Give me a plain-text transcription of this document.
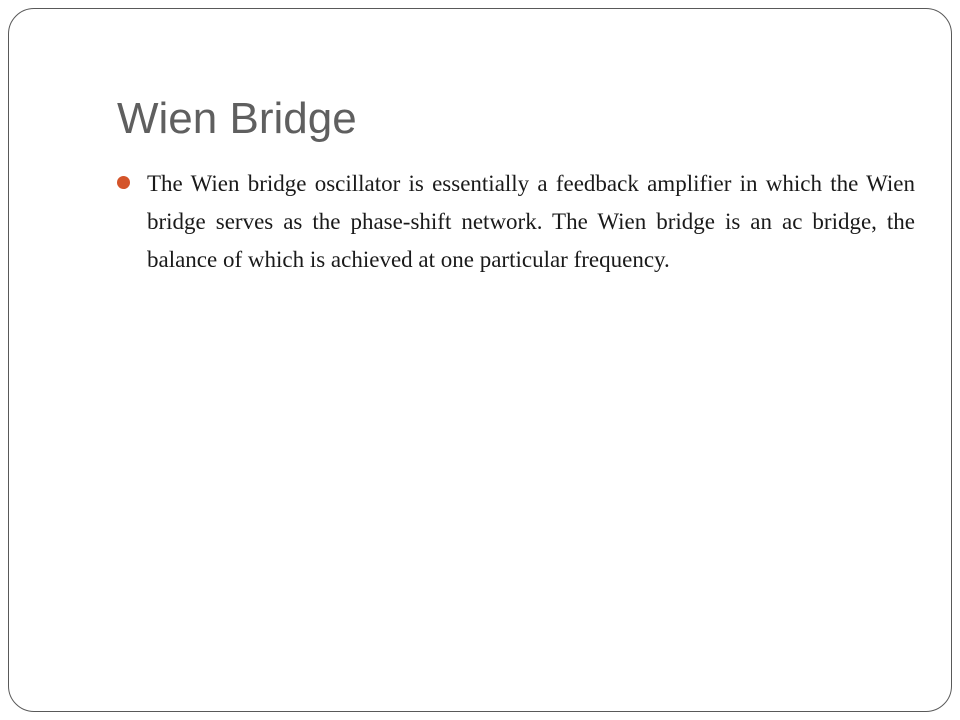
Wien Bridge
The Wien bridge oscillator is essentially a feedback amplifier in which the Wien bridge serves as the phase-shift network. The Wien bridge is an ac bridge, the balance of which is achieved at one particular frequency.
